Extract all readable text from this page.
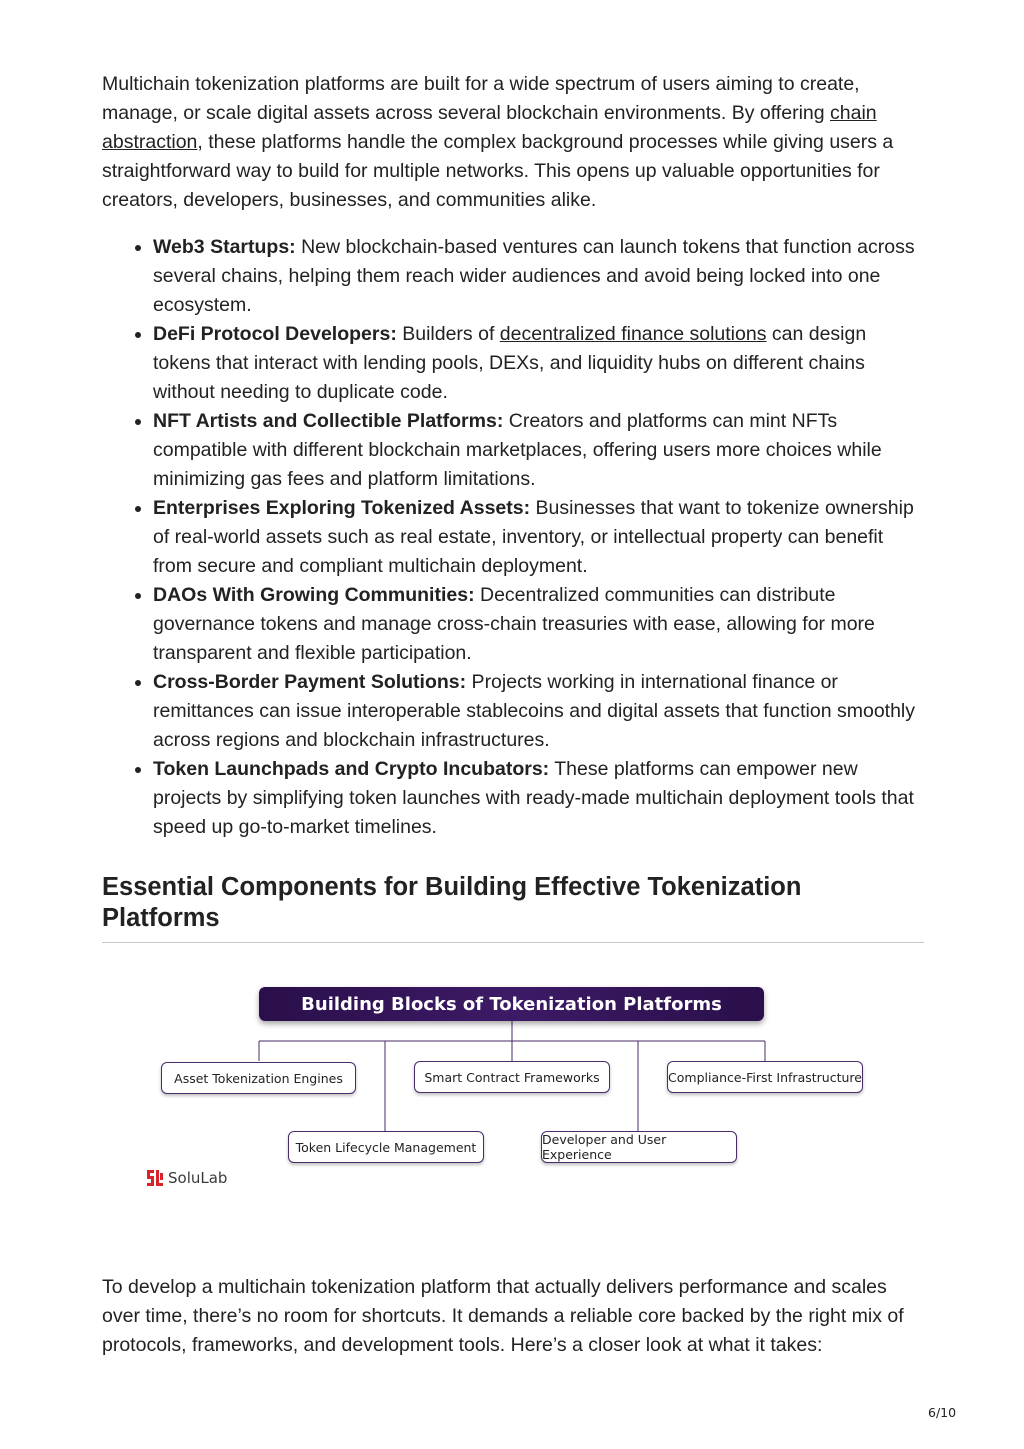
Multichain tokenization platforms are built for a wide spectrum of users aiming to create, manage, or scale digital assets across several blockchain environments. By offering chain abstraction, these platforms handle the complex background processes while giving users a straightforward way to build for multiple networks. This opens up valuable opportunities for creators, developers, businesses, and communities alike.

• Web3 Startups: New blockchain-based ventures can launch tokens that function across several chains, helping them reach wider audiences and avoid being locked into one ecosystem.
• DeFi Protocol Developers: Builders of decentralized finance solutions can design tokens that interact with lending pools, DEXs, and liquidity hubs on different chains without needing to duplicate code.
• NFT Artists and Collectible Platforms: Creators and platforms can mint NFTs compatible with different blockchain marketplaces, offering users more choices while minimizing gas fees and platform limitations.
• Enterprises Exploring Tokenized Assets: Businesses that want to tokenize ownership of real-world assets such as real estate, inventory, or intellectual property can benefit from secure and compliant multichain deployment.
• DAOs With Growing Communities: Decentralized communities can distribute governance tokens and manage cross-chain treasuries with ease, allowing for more transparent and flexible participation.
• Cross-Border Payment Solutions: Projects working in international finance or remittances can issue interoperable stablecoins and digital assets that function smoothly across regions and blockchain infrastructures.
• Token Launchpads and Crypto Incubators: These platforms can empower new projects by simplifying token launches with ready-made multichain deployment tools that speed up go-to-market timelines.
Essential Components for Building Effective Tokenization Platforms
Building Blocks of Tokenization Platforms
Asset Tokenization Engines	Smart Contract Frameworks	Compliance-First Infrastructure
Token Lifecycle Management	Developer and User Experience
SoluLab

To develop a multichain tokenization platform that actually delivers performance and scales over time, there’s no room for shortcuts. It demands a reliable core backed by the right mix of protocols, frameworks, and development tools. Here’s a closer look at what it takes:

6/10
